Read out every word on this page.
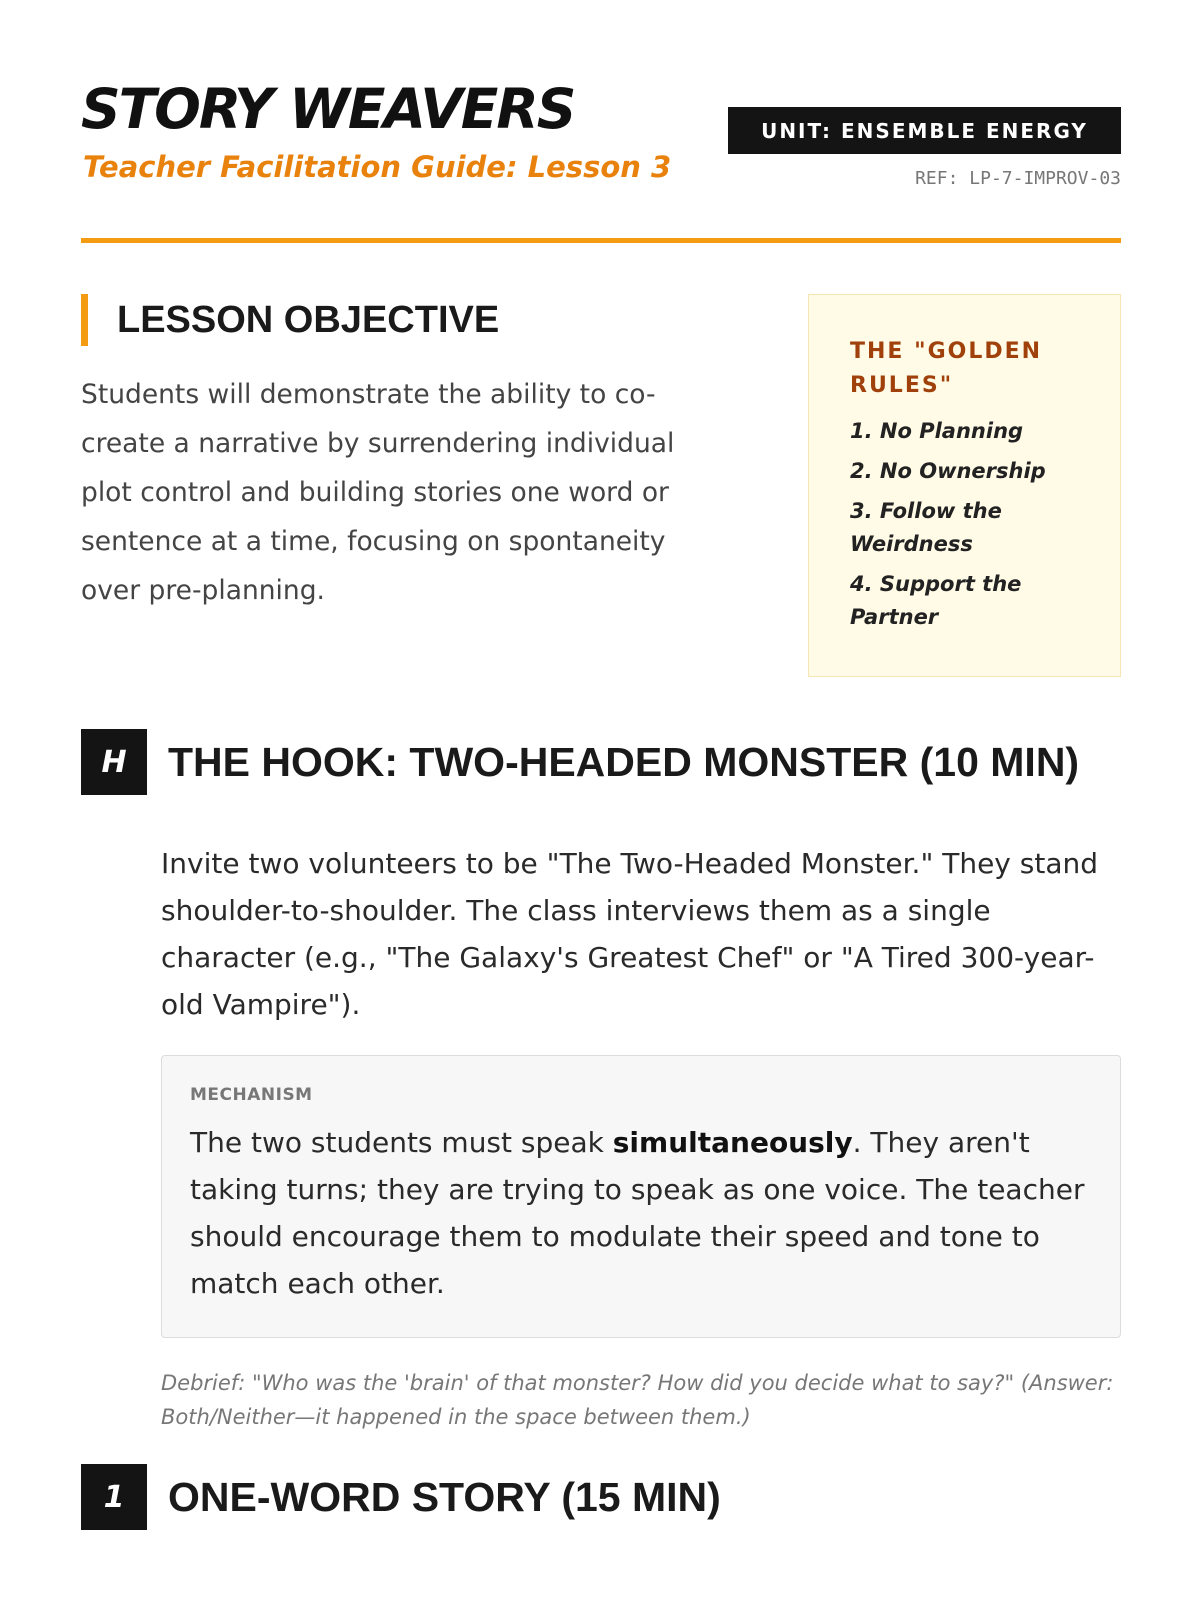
STORY WEAVERS

Teacher Facilitation Guide: Lesson 3

UNIT: ENSEMBLE ENERGY
REF: LP-7-IMPROV-03
LESSON OBJECTIVE

Students will demonstrate the ability to co-create a narrative by surrendering individual plot control and building stories one word or sentence at a time, focusing on spontaneity over pre-planning.

THE "GOLDEN RULES"
1. No Planning
2. No Ownership
3. Follow the Weirdness
4. Support the Partner
H	THE HOOK: TWO-HEADED MONSTER (10 MIN)

Invite two volunteers to be "The Two-Headed Monster." They stand shoulder-to-shoulder. The class interviews them as a single character (e.g., "The Galaxy's Greatest Chef" or "A Tired 300-year-old Vampire").

MECHANISM

The two students must speak simultaneously. They aren't taking turns; they are trying to speak as one voice. The teacher should encourage them to modulate their speed and tone to match each other.

Debrief: "Who was the 'brain' of that monster? How did you decide what to say?" (Answer: Both/Neither—it happened in the space between them.)

1	ONE-WORD STORY (15 MIN)
